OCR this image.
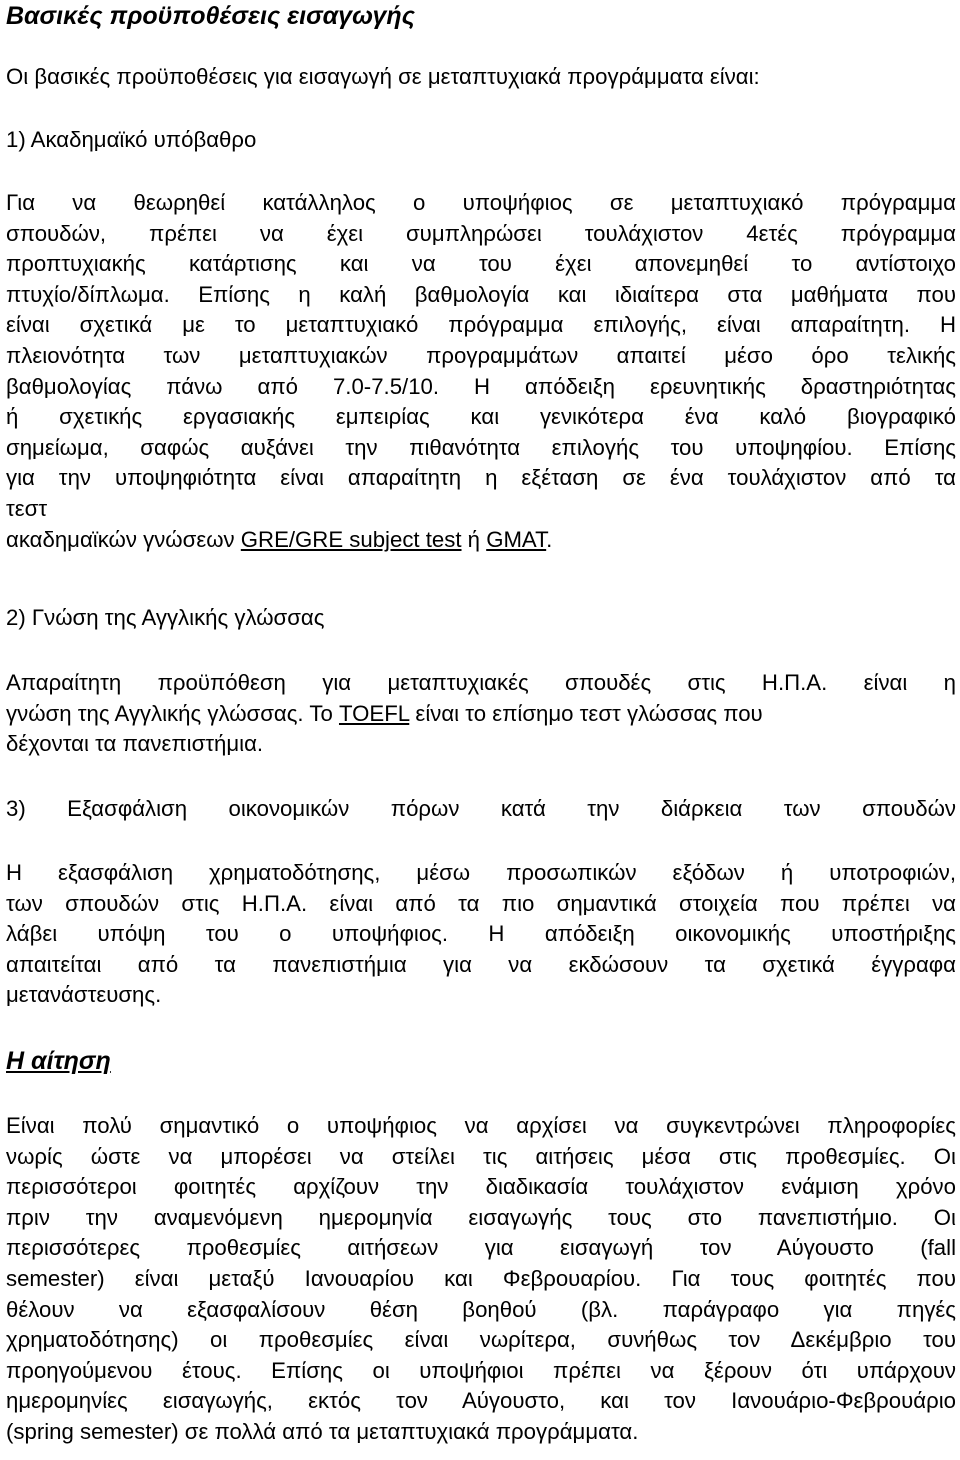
Βασικές προϋποθέσεις εισαγωγής

Οι βασικές προϋποθέσεις για εισαγωγή σε μεταπτυχιακά προγράμματα είναι:

1) Ακαδημαϊκό υπόβαθρο

Για να θεωρηθεί κατάλληλος ο υποψήφιος σε μεταπτυχιακό πρόγραμμα

σπουδών, πρέπει να έχει συμπληρώσει τουλάχιστον 4ετές πρόγραμμα

προπτυχιακής κατάρτισης και να του έχει απονεμηθεί το αντίστοιχο

πτυχίο/δίπλωμα. Επίσης η καλή βαθμολογία και ιδιαίτερα στα μαθήματα που

είναι σχετικά με το μεταπτυχιακό πρόγραμμα επιλογής, είναι απαραίτητη. Η

πλειονότητα των μεταπτυχιακών προγραμμάτων απαιτεί μέσο όρο τελικής

βαθμολογίας πάνω από 7.0-7.5/10. Η απόδειξη ερευνητικής δραστηριότητας

ή σχετικής εργασιακής εμπειρίας και γενικότερα ένα καλό βιογραφικό

σημείωμα, σαφώς αυξάνει την πιθανότητα επιλογής του υποψηφίου. Επίσης

για την υποψηφιότητα είναι απαραίτητη η εξέταση σε ένα τουλάχιστον από τα

τεστ

ακαδημαϊκών γνώσεων GRE/GRE subject test ή GMAT.

2) Γνώση της Αγγλικής γλώσσας

Απαραίτητη προϋπόθεση για μεταπτυχιακές σπουδές στις Η.Π.Α. είναι η

γνώση της Αγγλικής γλώσσας. Το TOEFL είναι το επίσημο τεστ γλώσσας που

δέχονται τα πανεπιστήμια.

3) Εξασφάλιση οικονομικών πόρων κατά την διάρκεια των σπουδών

Η εξασφάλιση χρηματοδότησης, μέσω προσωπικών εξόδων ή υποτροφιών,

των σπουδών στις Η.Π.Α. είναι από τα πιο σημαντικά στοιχεία που πρέπει να

λάβει υπόψη του ο υποψήφιος. Η απόδειξη οικονομικής υποστήριξης

απαιτείται από τα πανεπιστήμια για να εκδώσουν τα σχετικά έγγραφα

μετανάστευσης.

Η αίτηση

Είναι πολύ σημαντικό ο υποψήφιος να αρχίσει να συγκεντρώνει πληροφορίες

νωρίς ώστε να μπορέσει να στείλει τις αιτήσεις μέσα στις προθεσμίες. Οι

περισσότεροι φοιτητές αρχίζουν την διαδικασία τουλάχιστον ενάμιση χρόνο

πριν την αναμενόμενη ημερομηνία εισαγωγής τους στο πανεπιστήμιο. Οι

περισσότερες προθεσμίες αιτήσεων για εισαγωγή τον Αύγουστο (fall

semester) είναι μεταξύ Ιανουαρίου και Φεβρουαρίου. Για τους φοιτητές που

θέλουν να εξασφαλίσουν θέση βοηθού (βλ. παράγραφο για πηγές

χρηματοδότησης) οι προθεσμίες είναι νωρίτερα, συνήθως τον Δεκέμβριο του

προηγούμενου έτους. Επίσης οι υποψήφιοι πρέπει να ξέρουν ότι υπάρχουν

ημερομηνίες εισαγωγής, εκτός τον Αύγουστο, και τον Ιανουάριο-Φεβρουάριο

(spring semester) σε πολλά από τα μεταπτυχιακά προγράμματα.
